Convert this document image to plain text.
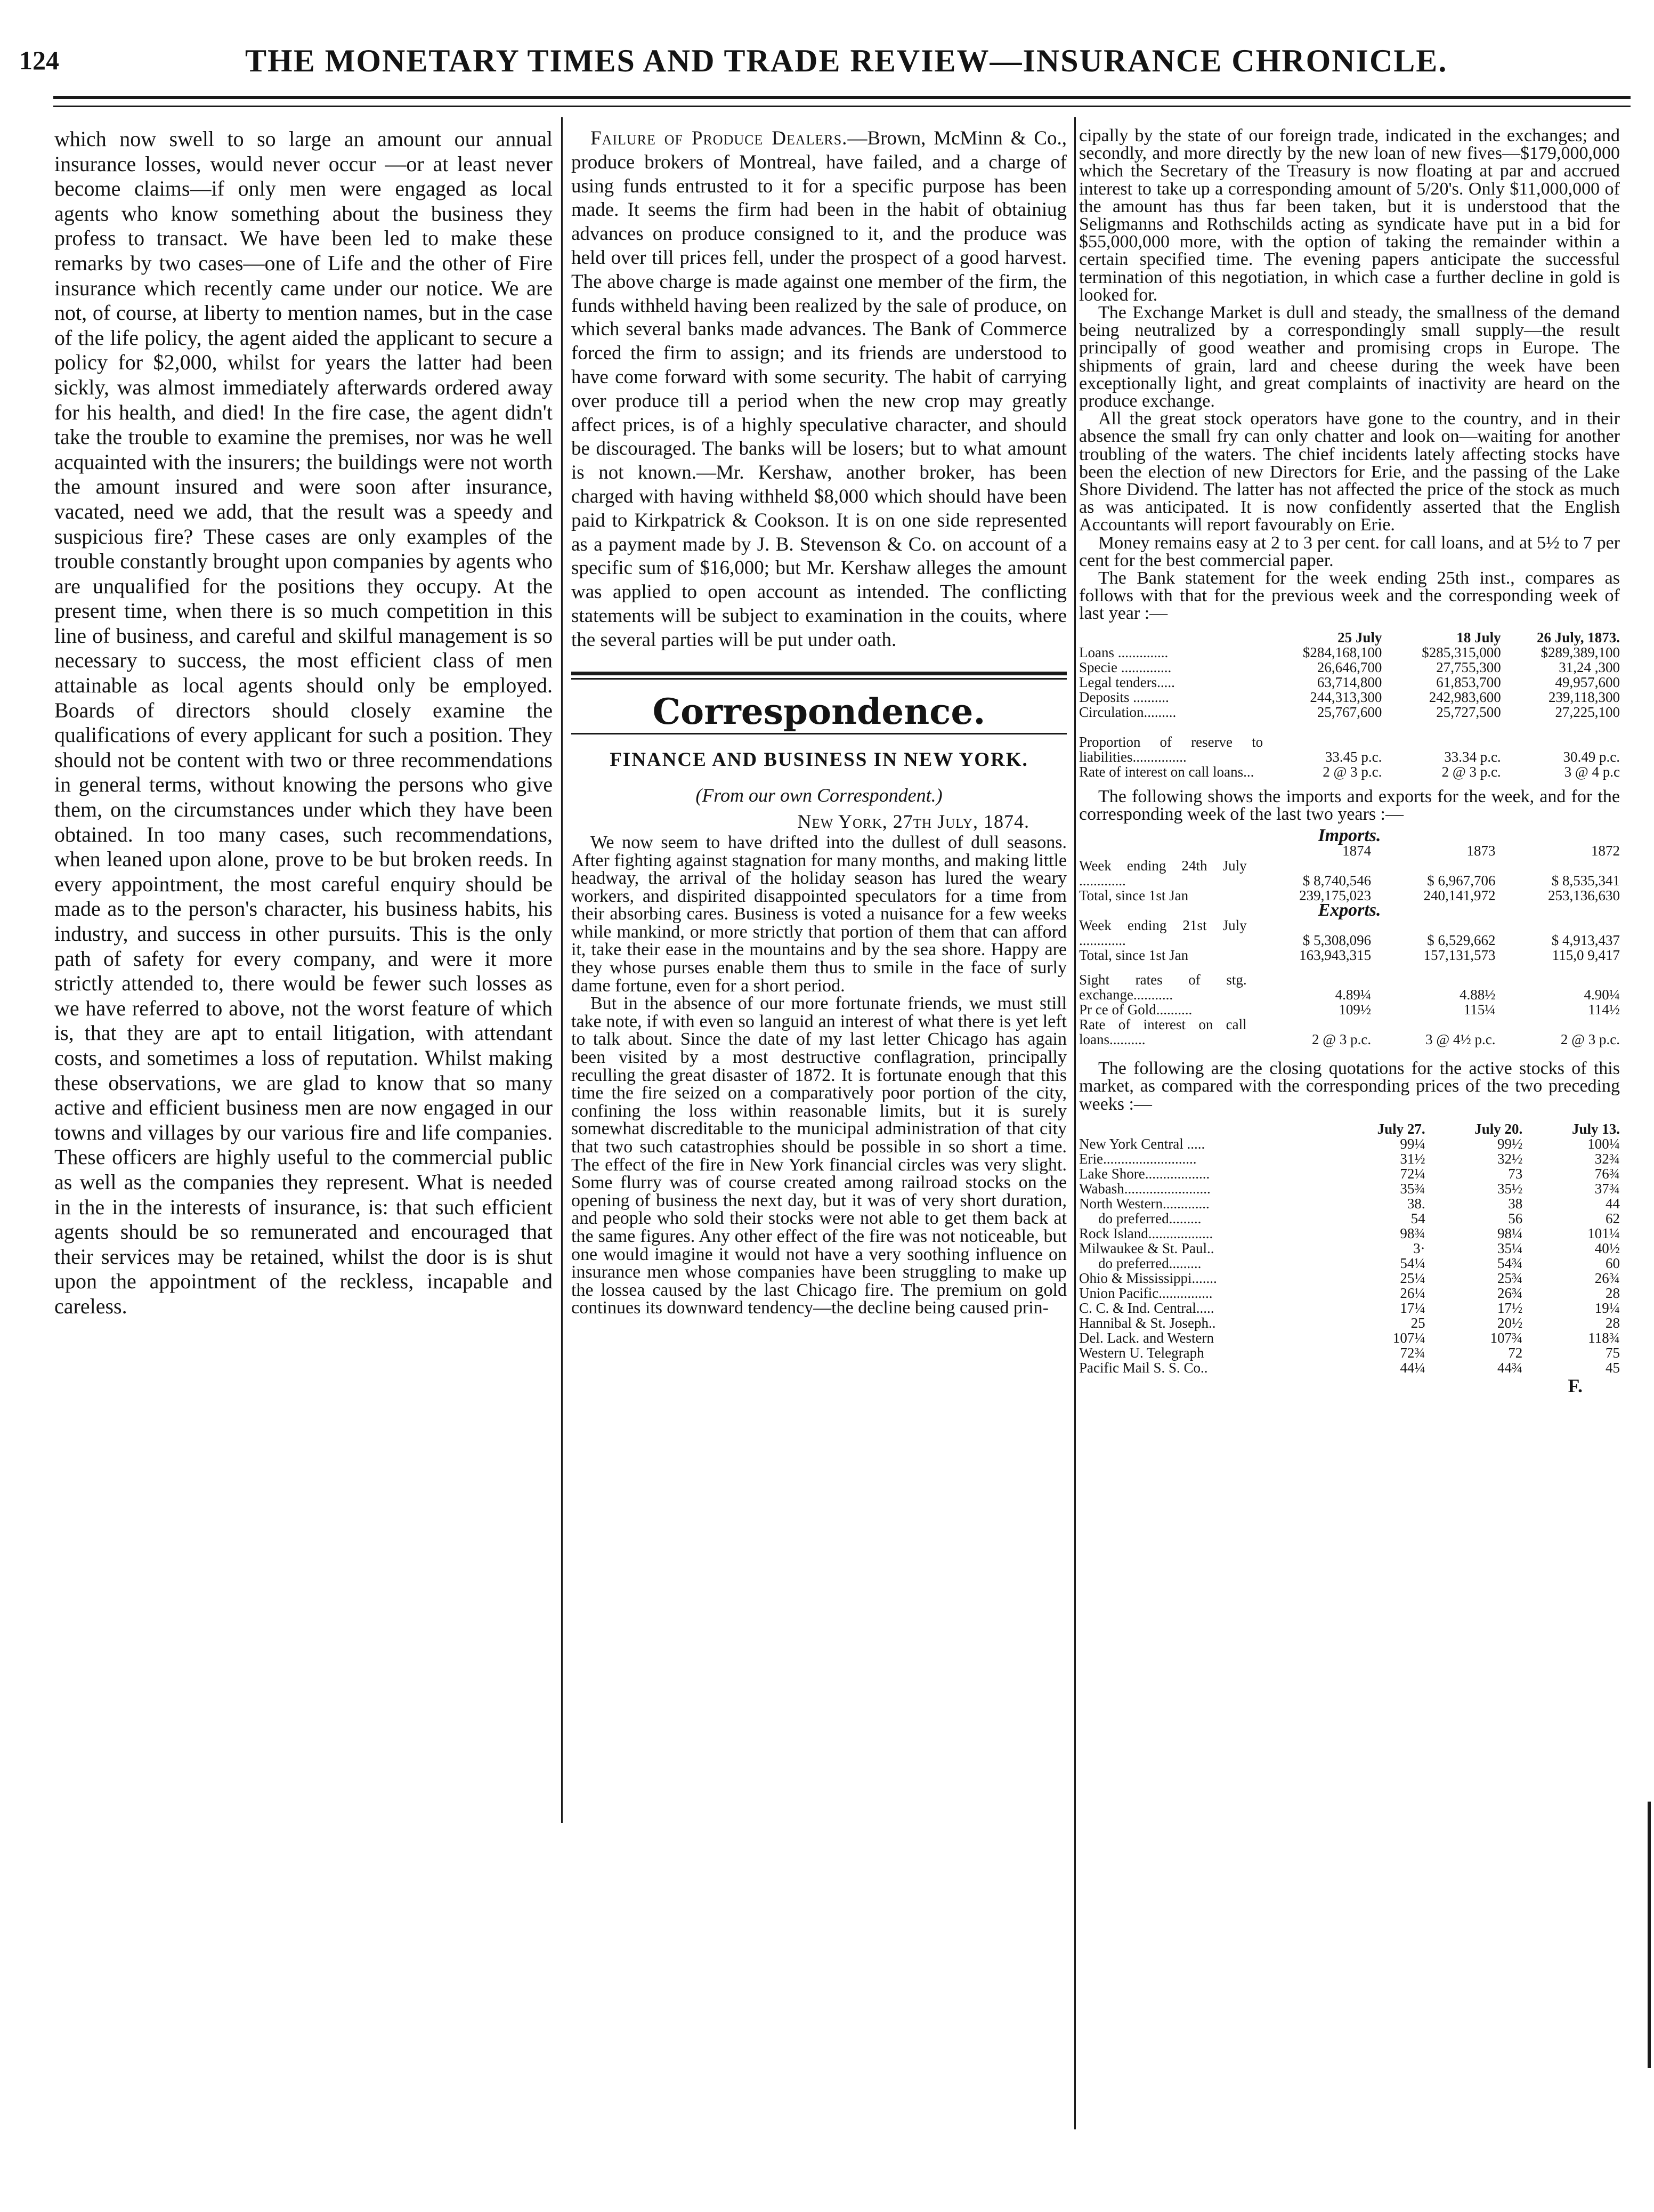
124	THE MONETARY TIMES AND TRADE REVIEW—INSURANCE CHRONICLE.

which now swell to so large an amount our annual insurance losses, would never occur —or at least never become claims—if only men were engaged as local agents who know something about the business they profess to transact. We have been led to make these remarks by two cases—one of Life and the other of Fire insurance which recently came under our notice. We are not, of course, at liberty to mention names, but in the case of the life policy, the agent aided the applicant to secure a policy for $2,000, whilst for years the latter had been sickly, was almost immediately afterwards ordered away for his health, and died! In the fire case, the agent didn't take the trouble to examine the premises, nor was he well acquainted with the insurers; the buildings were not worth the amount insured and were soon after insurance, vacated, need we add, that the result was a speedy and suspicious fire? These cases are only examples of the trouble constantly brought upon companies by agents who are unqualified for the positions they occupy. At the present time, when there is so much competition in this line of business, and careful and skilful management is so necessary to success, the most efficient class of men attainable as local agents should only be employed. Boards of directors should closely examine the qualifications of every applicant for such a position. They should not be content with two or three recommendations in general terms, without knowing the persons who give them, on the circumstances under which they have been obtained. In too many cases, such recommendations, when leaned upon alone, prove to be but broken reeds. In every appointment, the most careful enquiry should be made as to the person's character, his business habits, his industry, and success in other pursuits. This is the only path of safety for every company, and were it more strictly attended to, there would be fewer such losses as we have referred to above, not the worst feature of which is, that they are apt to entail litigation, with attendant costs, and sometimes a loss of reputation. Whilst making these observations, we are glad to know that so many active and efficient business men are now engaged in our towns and villages by our various fire and life companies. These officers are highly useful to the commercial public as well as the companies they represent. What is needed in the in the interests of insurance, is: that such efficient agents should be so remunerated and encouraged that their services may be retained, whilst the door is is shut upon the appointment of the reckless, incapable and careless.

Failure of Produce Dealers.—Brown, McMinn & Co., produce brokers of Montreal, have failed, and a charge of using funds entrusted to it for a specific purpose has been made. It seems the firm had been in the habit of obtainiug advances on produce consigned to it, and the produce was held over till prices fell, under the prospect of a good harvest. The above charge is made against one member of the firm, the funds withheld having been realized by the sale of produce, on which several banks made advances. The Bank of Commerce forced the firm to assign; and its friends are understood to have come forward with some security. The habit of carrying over produce till a period when the new crop may greatly affect prices, is of a highly speculative character, and should be discouraged. The banks will be losers; but to what amount is not known.—Mr. Kershaw, another broker, has been charged with having withheld $8,000 which should have been paid to Kirkpatrick & Cookson. It is on one side represented as a payment made by J. B. Stevenson & Co. on account of a specific sum of $16,000; but Mr. Kershaw alleges the amount was applied to open account as intended. The conflicting statements will be subject to examination in the couits, where the several parties will be put under oath.

Correspondence.
FINANCE AND BUSINESS IN NEW YORK.
(From our own Correspondent.)
New York, 27th July, 1874.

We now seem to have drifted into the dullest of dull seasons. After fighting against stagnation for many months, and making little headway, the arrival of the holiday season has lured the weary workers, and dispirited disappointed speculators for a time from their absorbing cares. Business is voted a nuisance for a few weeks while mankind, or more strictly that portion of them that can afford it, take their ease in the mountains and by the sea shore. Happy are they whose purses enable them thus to smile in the face of surly dame fortune, even for a short period.

But in the absence of our more fortunate friends, we must still take note, if with even so languid an interest of what there is yet left to talk about. Since the date of my last letter Chicago has again been visited by a most destructive conflagration, principally reculling the great disaster of 1872. It is fortunate enough that this time the fire seized on a comparatively poor portion of the city, confining the loss within reasonable limits, but it is surely somewhat discreditable to the municipal administration of that city that two such catastrophies should be possible in so short a time. The effect of the fire in New York financial circles was very slight. Some flurry was of course created among railroad stocks on the opening of business the next day, but it was of very short duration, and people who sold their stocks were not able to get them back at the same figures. Any other effect of the fire was not noticeable, but one would imagine it would not have a very soothing influence on insurance men whose companies have been struggling to make up the lossea caused by the last Chicago fire. The premium on gold continues its downward tendency—the decline being caused prin-

cipally by the state of our foreign trade, indicated in the exchanges; and secondly, and more directly by the new loan of new fives—$179,000,000 which the Secretary of the Treasury is now floating at par and accrued interest to take up a corresponding amount of 5/20's. Only $11,000,000 of the amount has thus far been taken, but it is understood that the Seligmanns and Rothschilds acting as syndicate have put in a bid for $55,000,000 more, with the option of taking the remainder within a certain specified time. The evening papers anticipate the successful termination of this negotiation, in which case a further decline in gold is looked for.

The Exchange Market is dull and steady, the smallness of the demand being neutralized by a correspondingly small supply—the result principally of good weather and promising crops in Europe. The shipments of grain, lard and cheese during the week have been exceptionally light, and great complaints of inactivity are heard on the produce exchange.

All the great stock operators have gone to the country, and in their absence the small fry can only chatter and look on—waiting for another troubling of the waters. The chief incidents lately affecting stocks have been the election of new Directors for Erie, and the passing of the Lake Shore Dividend. The latter has not affected the price of the stock as much as was anticipated. It is now confidently asserted that the English Accountants will report favourably on Erie.

Money remains easy at 2 to 3 per cent. for call loans, and at 5½ to 7 per cent for the best commercial paper.

The Bank statement for the week ending 25th inst., compares as follows with that for the previous week and the corresponding week of last year :—

	25 July	18 July	26 July, 1873.
Loans ..............	$284,168,100	$285,315,000	$289,389,100
Specie ..............	26,646,700	27,755,300	31,24 ,300
Legal tenders.....	63,714,800	61,853,700	49,957,600
Deposits ..........	244,313,300	242,983,600	239,118,300
Circulation.........	25,767,600	25,727,500	27,225,100
Proportion of reserve to liabilities...............	33.45 p.c.	33.34 p.c.	30.49 p.c.
Rate of interest on call loans...	2 @ 3 p.c.	2 @ 3 p.c.	3 @ 4 p.c

The following shows the imports and exports for the week, and for the corresponding week of the last two years :—

Imports.			
	1874	1873	1872
Week ending 24th July .............	$ 8,740,546	$ 6,967,706	$ 8,535,341
Total, since 1st Jan	239,175,023	240,141,972	253,136,630
Exports.			
Week ending 21st July .............	$ 5,308,096	$ 6,529,662	$ 4,913,437
Total, since 1st Jan	163,943,315	157,131,573	115,0 9,417
Sight rates of stg. exchange...........	4.89¼	4.88½	4.90¼
Pr ce of Gold..........	109½	115¼	114½
Rate of interest on call loans..........	2 @ 3 p.c.	3 @ 4½ p.c.	2 @ 3 p.c.

The following are the closing quotations for the active stocks of this market, as compared with the corresponding prices of the two preceding weeks :—

	July 27.	July 20.	July 13.
New York Central .....	99¼	99½	100¼
Erie..........................	31½	32½	32¾
Lake Shore..................	72¼	73	76¾
Wabash........................	35¾	35½	37¾
North Western.............	38.	38	44
do preferred.........	54	56	62
Rock Island..................	98¾	98¼	101¼
Milwaukee & St. Paul..	3·	35¼	40½
do preferred.........	54¼	54¾	60
Ohio & Mississippi.......	25¼	25¾	26¾
Union Pacific...............	26¼	26¾	28
C. C. & Ind. Central.....	17¼	17½	19¼
Hannibal & St. Joseph..	25	20½	28
Del. Lack. and Western	107¼	107¾	118¾
Western U. Telegraph	72¾	72	75
Pacific Mail S. S. Co..	44¼	44¾	45
F.
